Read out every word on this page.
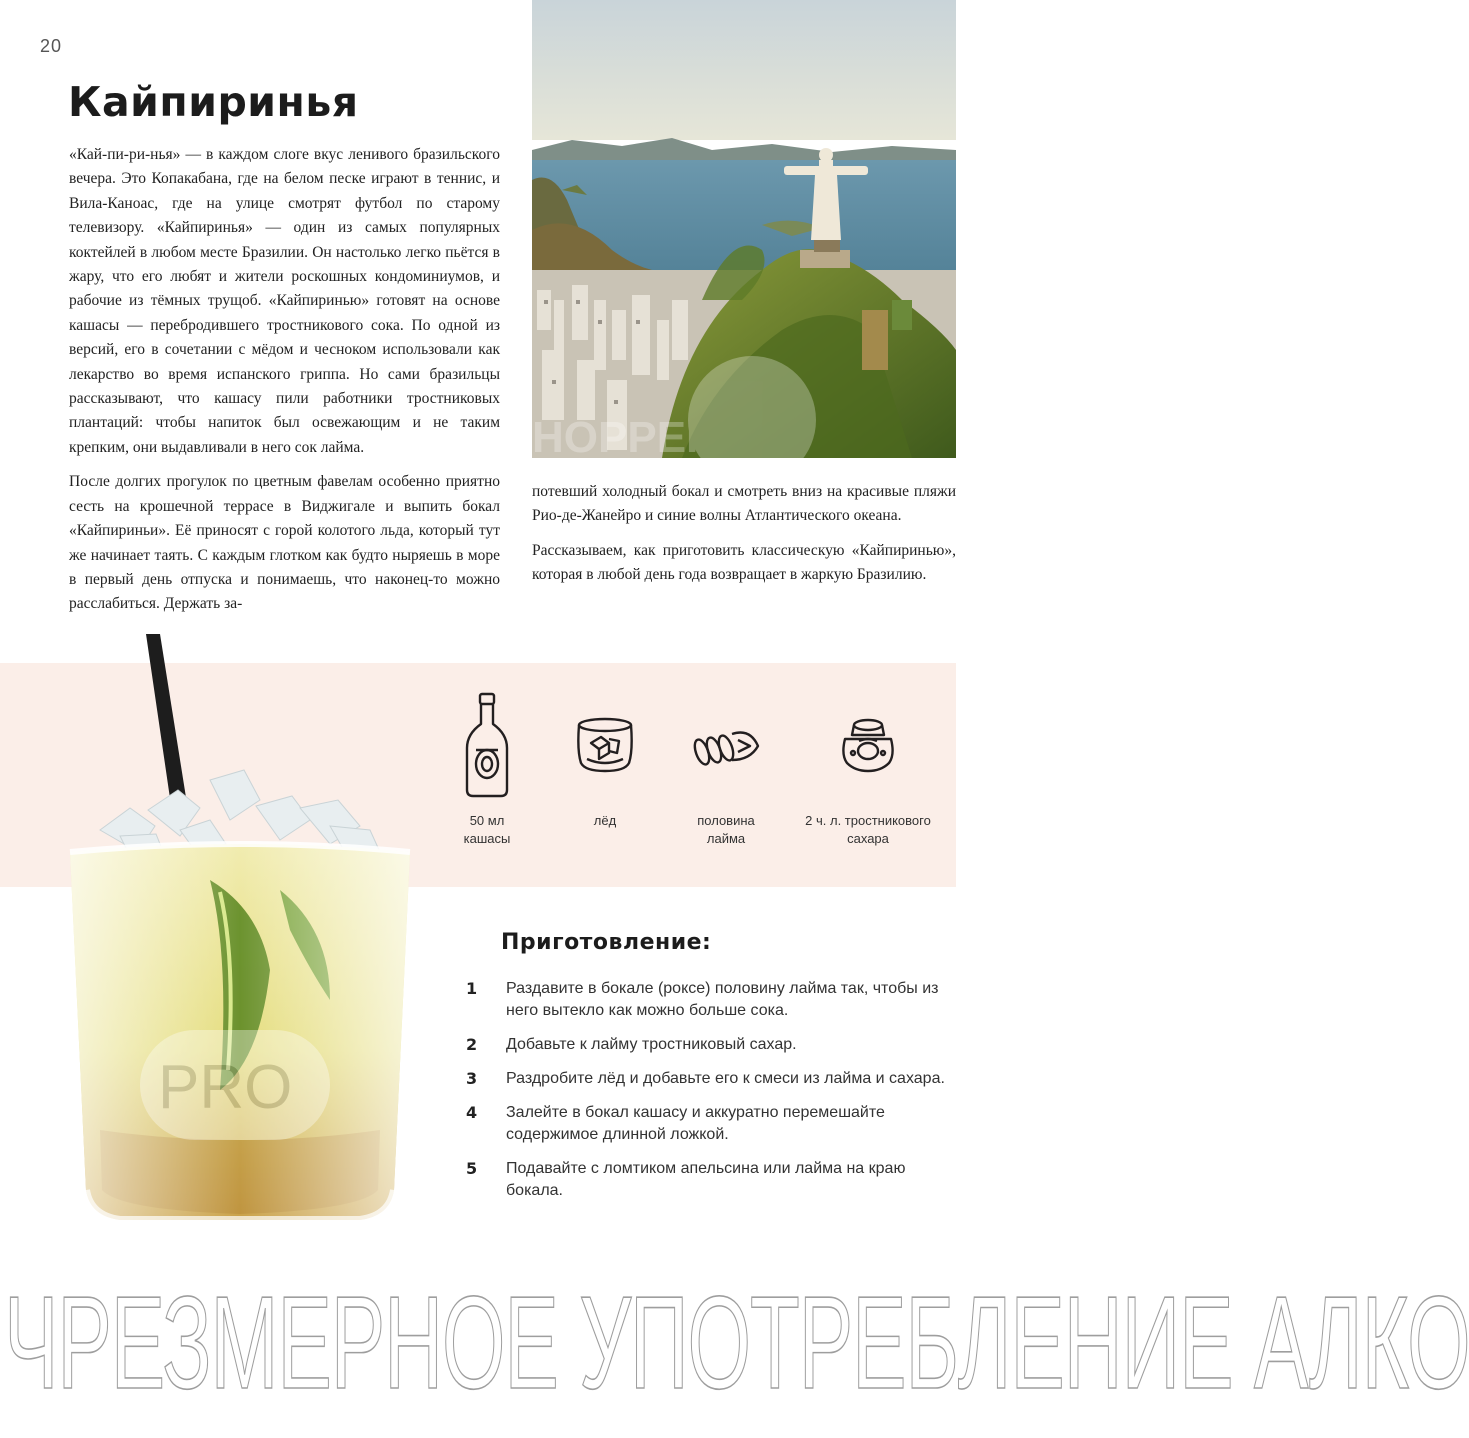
20
Кайпиринья

«Кай-пи-ри-нья» — в каждом слоге вкус ленивого бразильского вечера. Это Копакабана, где на белом песке играют в теннис, и Вила-Каноас, где на улице смотрят футбол по старому телевизору. «Кайпиринья» — один из самых популярных коктейлей в любом месте Бразилии. Он настолько легко пьётся в жару, что его любят и жители роскошных кондоминиумов, и рабочие из тёмных трущоб. «Кайпиринью» готовят на основе кашасы — перебродившего тростникового сока. По одной из версий, его в сочетании с мёдом и чесноком использовали как лекарство во время испанского гриппа. Но сами бразильцы рассказывают, что кашасу пили работники тростниковых плантаций: чтобы напиток был освежающим и не таким крепким, они выдавливали в него сок лайма.

После долгих прогулок по цветным фавелам особенно приятно сесть на крошечной террасе в Виджигале и выпить бокал «Кайпириньи». Её приносят с горой колотого льда, который тут же начинает таять. С каждым глотком как будто ныряешь в море в первый день отпуска и понимаешь, что наконец-то можно расслабиться. Держать за-

HOPPER

потевший холодный бокал и смотреть вниз на красивые пляжи Рио-де-Жанейро и синие волны Атлантического океана.

Рассказываем, как приготовить классическую «Кайпиринью», которая в любой день года возвращает в жаркую Бразилию.

50 мл
кашасы
лёд	половина
лайма
2 ч. л. тростникового
сахара
PRO
Приготовление:
1	Раздавите в бокале (роксе) половину лайма так, чтобы из него вытекло как можно больше сока.
2	Добавьте к лайму тростниковый сахар.
3	Раздробите лёд и добавьте его к смеси из лайма и сахара.
4	Залейте в бокал кашасу и аккуратно перемешайте содержимое длинной ложкой.
5	Подавайте с ломтиком апельсина или лайма на краю бокала.
ЧРЕЗМЕРНОЕ УПОТРЕБЛЕНИЕ АЛКО
